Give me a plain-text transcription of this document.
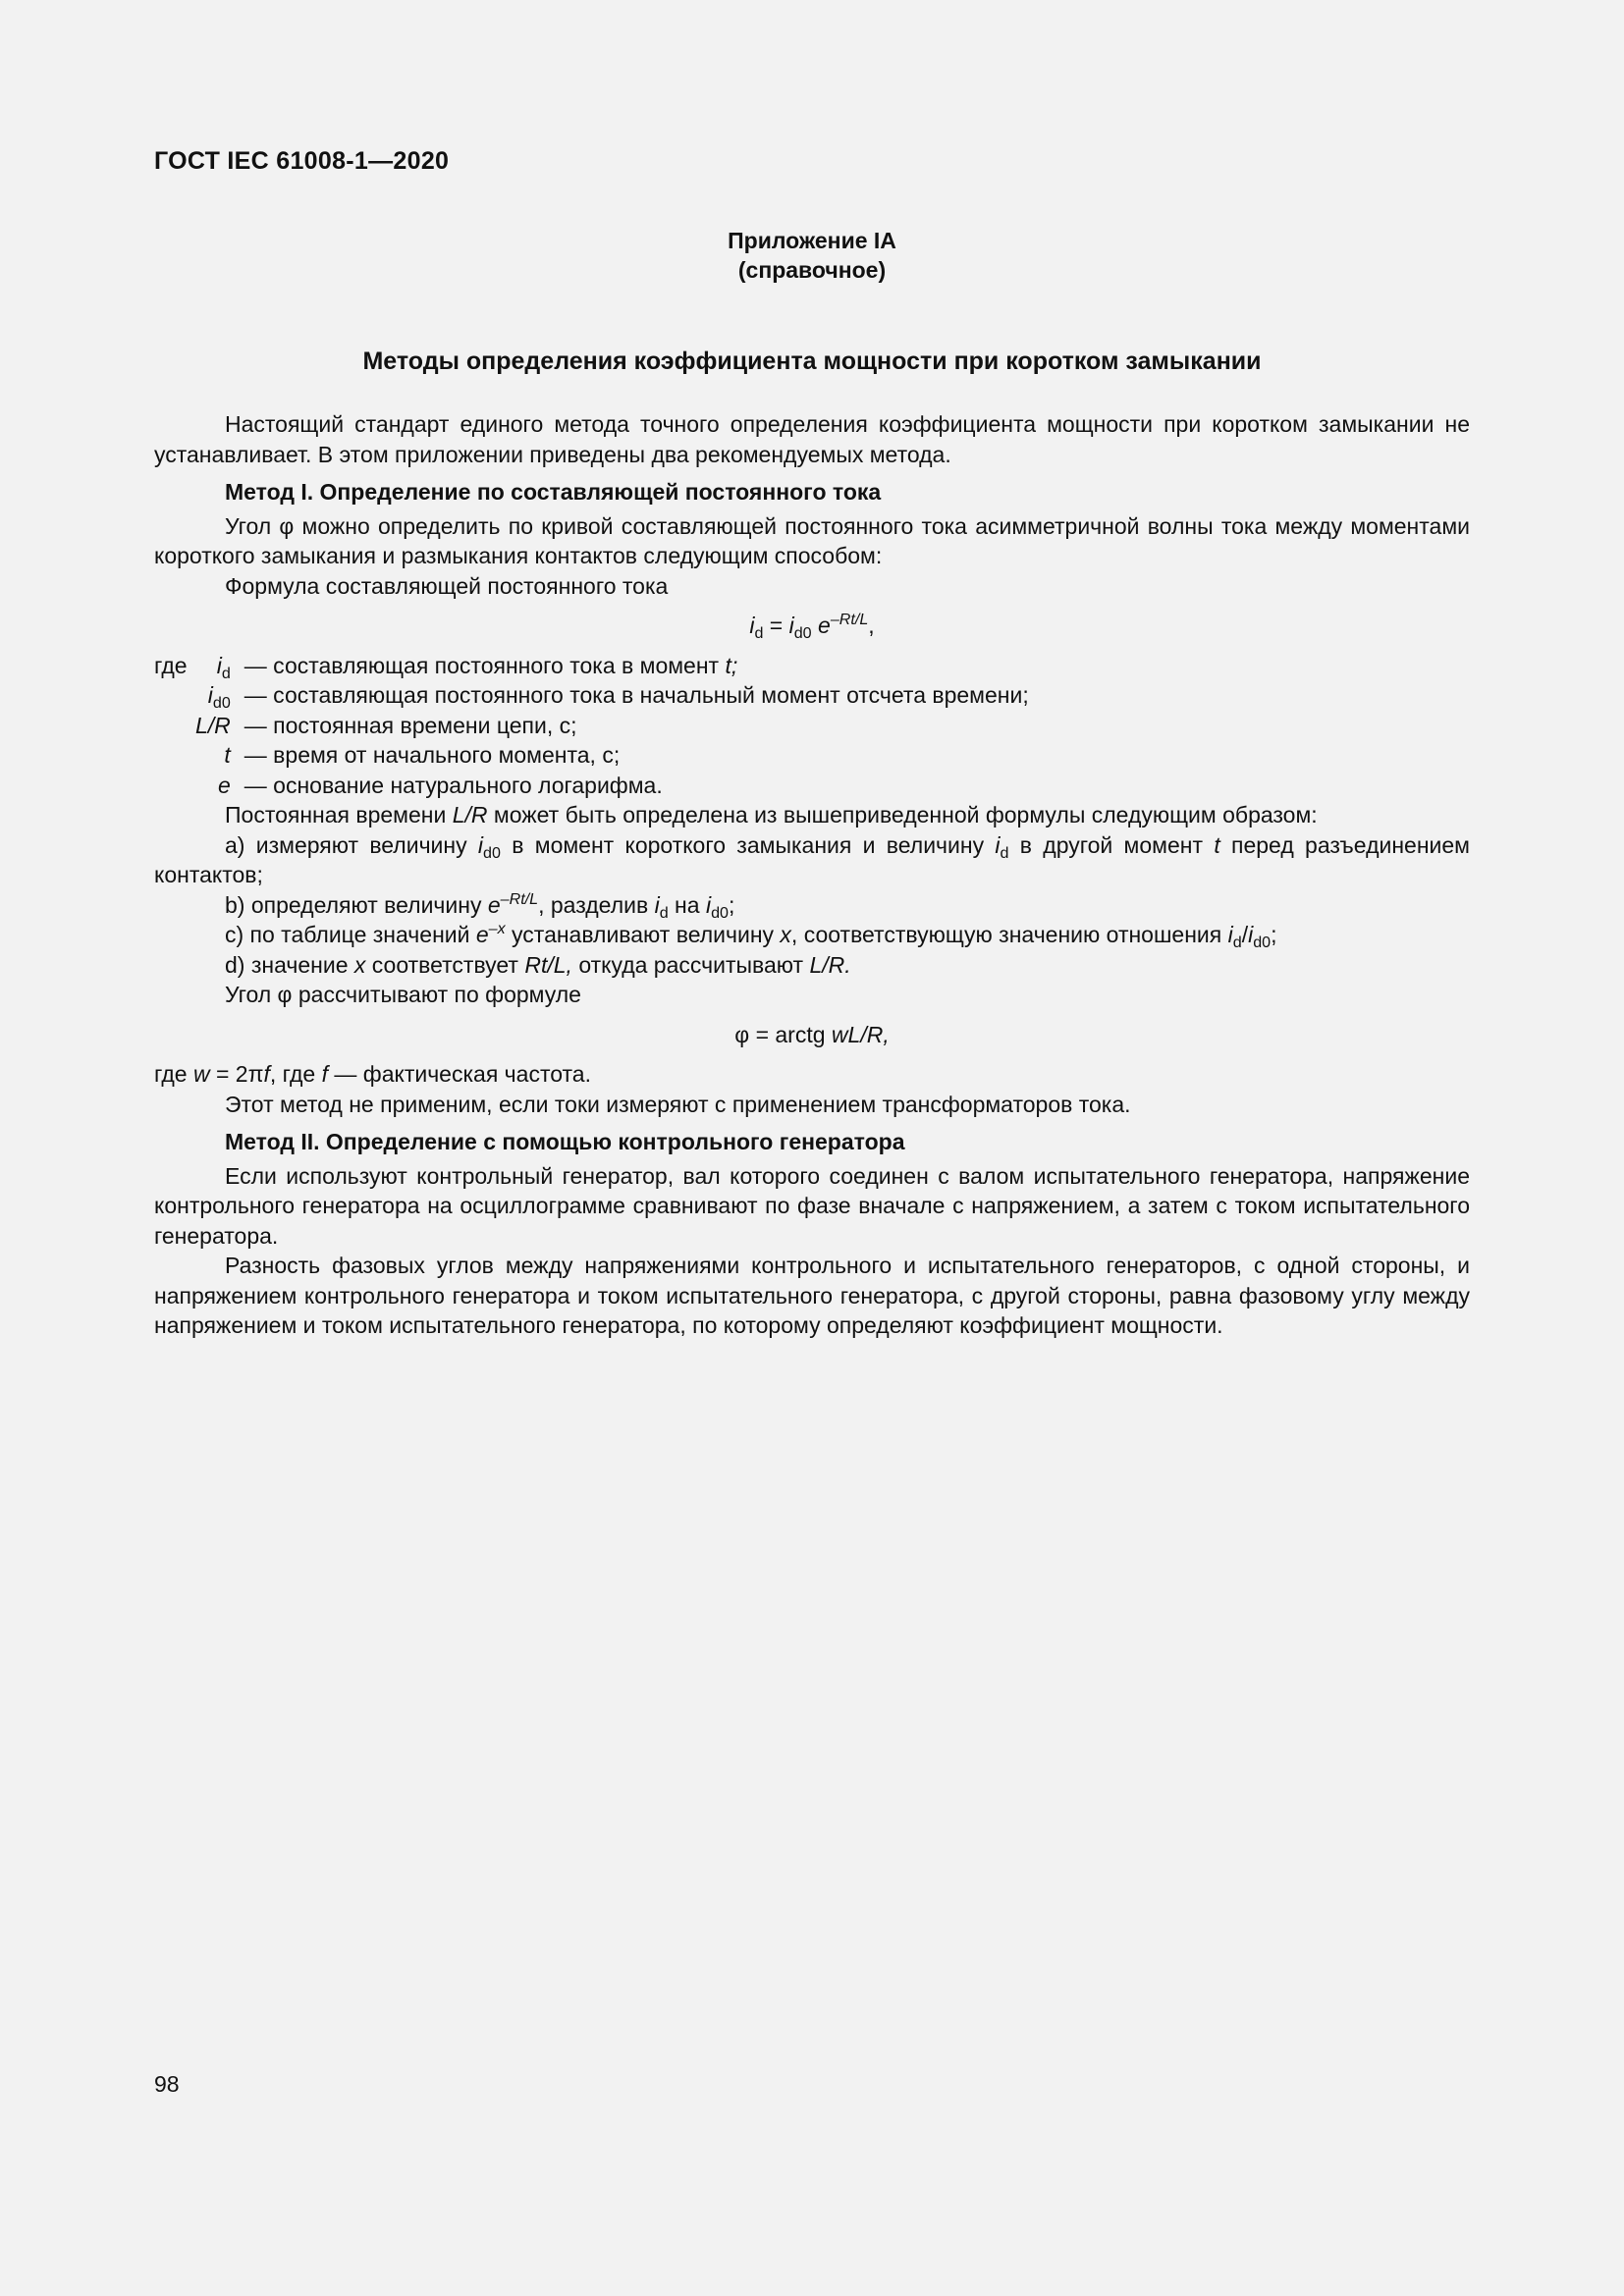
ГОСТ IEC 61008-1—2020
Приложение IA
(справочное)
Методы определения коэффициента мощности при коротком замыкании

Настоящий стандарт единого метода точного определения коэффициента мощности при коротком замыкании не устанавливает. В этом приложении приведены два рекомендуемых метода.

Метод I. Определение по составляющей постоянного тока

Угол φ можно определить по кривой составляющей постоянного тока асимметричной волны тока между моментами короткого замыкания и размыкания контактов следующим способом:

Формула составляющей постоянного тока

$i_d = i_{d0}$ $e^{-Rt/L}$,
где	$i_d$	— составляющая постоянного тока в момент t;
	$i_{d0}$	— составляющая постоянного тока в начальный момент отсчета времени;
	L/R	— постоянная времени цепи, с;
	t	— время от начального момента, с;
	e	— основание натурального логарифма.

Постоянная времени L/R может быть определена из вышеприведенной формулы следующим образом:

a) измеряют величину $i_{d0}$ в момент короткого замыкания и величину $i_d$ в другой момент t перед разъединением контактов;

b) определяют величину $e^{-Rt/L}$, разделив $i_d$ на $i_{d0}$;

c) по таблице значений $e^{-x}$ устанавливают величину x, соответствующую значению отношения $i_d/i_{d0}$;

d) значение x соответствует Rt/L, откуда рассчитывают L/R.

Угол φ рассчитывают по формуле

φ = arctg wL/R,

где w = 2πf, где f — фактическая частота.

Этот метод не применим, если токи измеряют с применением трансформаторов тока.

Метод II. Определение с помощью контрольного генератора

Если используют контрольный генератор, вал которого соединен с валом испытательного генератора, напряжение контрольного генератора на осциллограмме сравнивают по фазе вначале с напряжением, а затем с током испытательного генератора.

Разность фазовых углов между напряжениями контрольного и испытательного генераторов, с одной стороны, и напряжением контрольного генератора и током испытательного генератора, с другой стороны, равна фазовому углу между напряжением и током испытательного генератора, по которому определяют коэффициент мощности.

98
